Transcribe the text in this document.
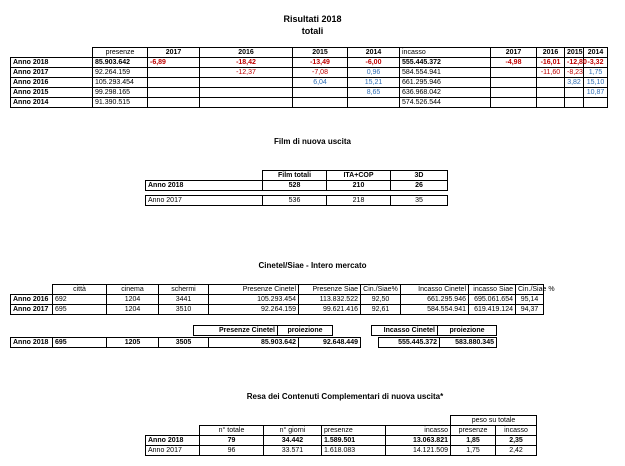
Risultati 2018
totali
	presenze	2017	2016	2015	2014	incasso	2017	2016	2015	2014
Anno 2018	85.903.642	-6,89	-18,42	-13,49	-6,00	555.445.372	-4,98	-16,01	-12,80	-3,32
Anno 2017	92.264.159		-12,37	-7,08	0,96	584.554.941		-11,60	-8,23	1,75
Anno 2016	105.293.454			6,04	15,21	661.295.946			3,82	15,10
Anno 2015	99.298.165				8,65	636.968.042				10,87
Anno 2014	91.390.515					574.526.544				
Film di nuova uscita
	Film totali	ITA+COP	3D
Anno 2018	528	210	26

Anno 2017	536	218	35
Cinetel/Siae - Intero mercato
	città	cinema	schermi	Presenze Cinetel	Presenze Siae	Cin./Siae%	Incasso Cinetel	incasso Siae	Cin./Siae %
Anno 2016	692	1204	3441	105.293.454	113.832.522	92,50	661.295.946	695.061.654	95,14
Anno 2017	695	1204	3510	92.264.159	99.621.416	92,61	584.554.941	619.419.124	94,37
Presenze Cinetel	proiezione	Incasso Cinetel	proiezione
Anno 2018	695	1205	3505	85.903.642	92.648.449		555.445.372	583.880.345
Resa dei Contenuti Complementari di nuova uscita*
					peso su totale	
	n° totale	n° giorni	presenze	incasso	presenze	incasso
Anno 2018	79	34.442	1.589.501	13.063.821	1,85	2,35
Anno 2017	96	33.571	1.618.083	14.121.509	1,75	2,42
